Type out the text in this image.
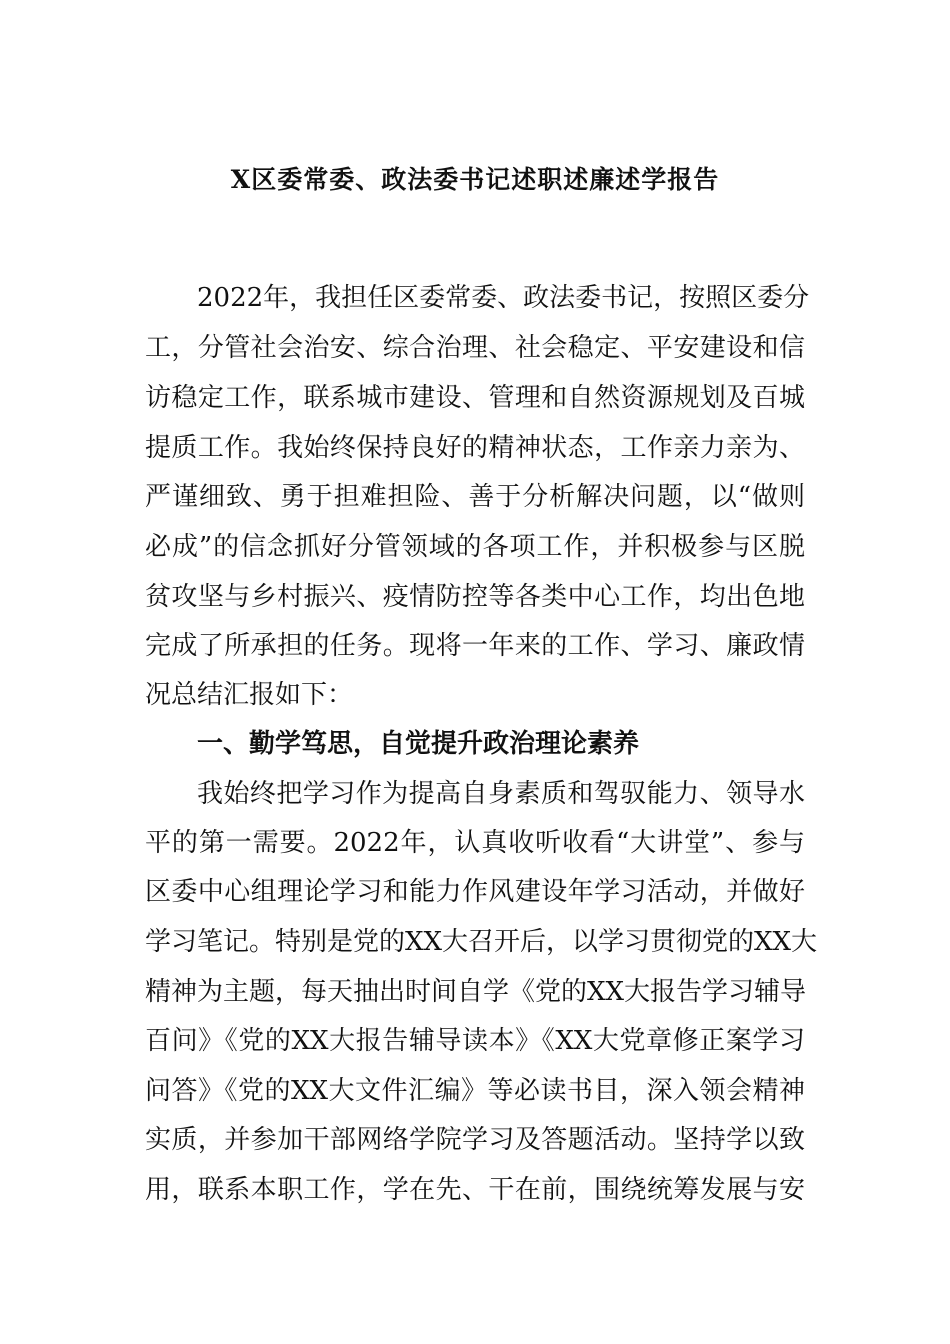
X区委常委、政法委书记述职述廉述学报告
2022年，我担任区委常委、政法委书记，按照区委分
工，分管社会治安、综合治理、社会稳定、平安建设和信
访稳定工作，联系城市建设、管理和自然资源规划及百城
提质工作。我始终保持良好的精神状态，工作亲力亲为、
严谨细致、勇于担难担险、善于分析解决问题，以“做则
必成”的信念抓好分管领域的各项工作，并积极参与区脱
贫攻坚与乡村振兴、疫情防控等各类中心工作，均出色地
完成了所承担的任务。现将一年来的工作、学习、廉政情
况总结汇报如下：
一、勤学笃思，自觉提升政治理论素养
我始终把学习作为提高自身素质和驾驭能力、领导水
平的第一需要。2022年，认真收听收看“大讲堂”、参与
区委中心组理论学习和能力作风建设年学习活动，并做好
学习笔记。特别是党的XX大召开后，以学习贯彻党的XX大
精神为主题，每天抽出时间自学《党的XX大报告学习辅导
百问》《党的XX大报告辅导读本》《XX大党章修正案学习
问答》《党的XX大文件汇编》等必读书目，深入领会精神
实质，并参加干部网络学院学习及答题活动。坚持学以致
用，联系本职工作，学在先、干在前，围绕统筹发展与安
